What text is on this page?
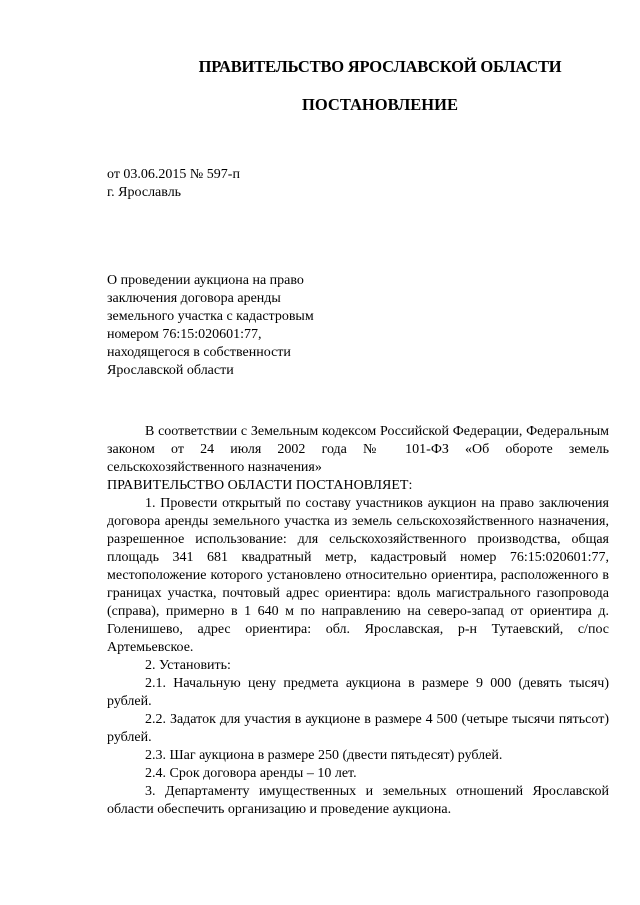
ПРАВИТЕЛЬСТВО ЯРОСЛАВСКОЙ ОБЛАСТИ
ПОСТАНОВЛЕНИЕ
от 03.06.2015 № 597-п
г. Ярославль
О проведении аукциона на право
заключения договора аренды
земельного участка с кадастровым
номером 76:15:020601:77,
находящегося в собственности
Ярославской области

В соответствии с Земельным кодексом Российской Федерации, Федеральным законом от 24 июля 2002 года № 101-ФЗ «Об обороте земель сельскохозяйственного назначения»

ПРАВИТЕЛЬСТВО ОБЛАСТИ ПОСТАНОВЛЯЕТ:

1. Провести открытый по составу участников аукцион на право заключения договора аренды земельного участка из земель сельскохозяйственного назначения, разрешенное использование: для сельскохозяйственного производства, общая площадь 341 681 квадратный метр, кадастровый номер 76:15:020601:77, местоположение которого установлено относительно ориентира, расположенного в границах участка, почтовый адрес ориентира: вдоль магистрального газопровода (справа), примерно в 1 640 м по направлению на северо-запад от ориентира д. Голенишево, адрес ориентира: обл. Ярославская, р-н Тутаевский, с/пос Артемьевское.

2. Установить:

2.1. Начальную цену предмета аукциона в размере 9 000 (девять тысяч) рублей.

2.2. Задаток для участия в аукционе в размере 4 500 (четыре тысячи пятьсот) рублей.

2.3. Шаг аукциона в размере 250 (двести пятьдесят) рублей.

2.4. Срок договора аренды – 10 лет.

3. Департаменту имущественных и земельных отношений Ярославской области обеспечить организацию и проведение аукциона.
